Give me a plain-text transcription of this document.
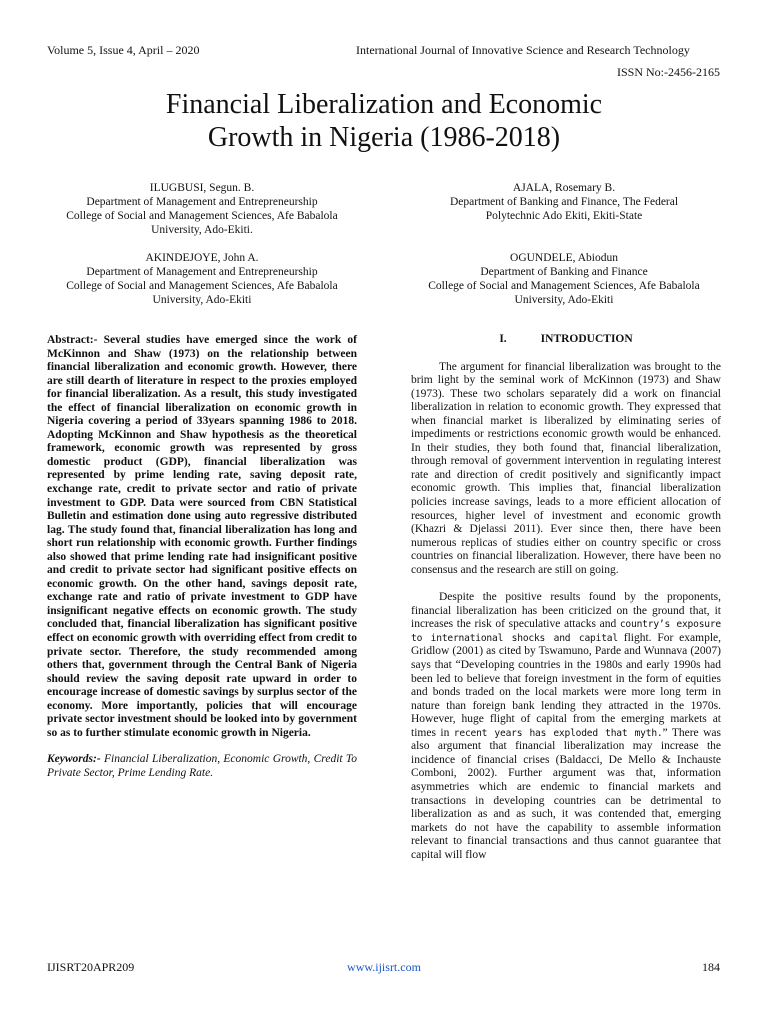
Volume 5, Issue 4, April – 2020	International Journal of Innovative Science and Research Technology
ISSN No:-2456-2165
Financial Liberalization and Economic
Growth in Nigeria (1986-2018)
ILUGBUSI, Segun. B.
Department of Management and Entrepreneurship
College of Social and Management Sciences, Afe Babalola
University, Ado-Ekiti.
AJALA, Rosemary B.
Department of Banking and Finance, The Federal
Polytechnic Ado Ekiti, Ekiti-State
AKINDEJOYE, John A.
Department of Management and Entrepreneurship
College of Social and Management Sciences, Afe Babalola
University, Ado-Ekiti
OGUNDELE, Abiodun
Department of Banking and Finance
College of Social and Management Sciences, Afe Babalola
University, Ado-Ekiti

Abstract:- Several studies have emerged since the work of McKinnon and Shaw (1973) on the relationship between financial liberalization and economic growth. However, there are still dearth of literature in respect to the proxies employed for financial liberalization. As a result, this study investigated the effect of financial liberalization on economic growth in Nigeria covering a period of 33years spanning 1986 to 2018. Adopting McKinnon and Shaw hypothesis as the theoretical framework, economic growth was represented by gross domestic product (GDP), financial liberalization was represented by prime lending rate, saving deposit rate, exchange rate, credit to private sector and ratio of private investment to GDP. Data were sourced from CBN Statistical Bulletin and estimation done using auto regressive distributed lag. The study found that, financial liberalization has long and short run relationship with economic growth. Further findings also showed that prime lending rate had insignificant positive and credit to private sector had significant positive effects on economic growth. On the other hand, savings deposit rate, exchange rate and ratio of private investment to GDP have insignificant negative effects on economic growth. The study concluded that, financial liberalization has significant positive effect on economic growth with overriding effect from credit to private sector. Therefore, the study recommended among others that, government through the Central Bank of Nigeria should review the saving deposit rate upward in order to encourage increase of domestic savings by surplus sector of the economy. More importantly, policies that will encourage private sector investment should be looked into by government so as to further stimulate economic growth in Nigeria.

Keywords:- Financial Liberalization, Economic Growth, Credit To Private Sector, Prime Lending Rate.

I.	INTRODUCTION

The argument for financial liberalization was brought to the brim light by the seminal work of McKinnon (1973) and Shaw (1973). These two scholars separately did a work on financial liberalization in relation to economic growth. They expressed that when financial market is liberalized by eliminating series of impediments or restrictions economic growth would be enhanced. In their studies, they both found that, financial liberalization, through removal of government intervention in regulating interest rate and direction of credit positively and significantly impact economic growth. This implies that, financial liberalization policies increase savings, leads to a more efficient allocation of resources, higher level of investment and economic growth (Khazri & Djelassi 2011). Ever since then, there have been numerous replicas of studies either on country specific or cross countries on financial liberalization. However, there have been no consensus and the research are still on going.

Despite the positive results found by the proponents, financial liberalization has been criticized on the ground that, it increases the risk of speculative attacks and country’s exposure to international shocks and capital flight. For example, Gridlow (2001) as cited by Tswamuno, Parde and Wunnava (2007) says that “Developing countries in the 1980s and early 1990s had been led to believe that foreign investment in the form of equities and bonds traded on the local markets were more long term in nature than foreign bank lending they attracted in the 1970s. However, huge flight of capital from the emerging markets at times in recent years has exploded that myth.” There was also argument that financial liberalization may increase the incidence of financial crises (Baldacci, De Mello & Inchauste Comboni, 2002). Further argument was that, information asymmetries which are endemic to financial markets and transactions in developing countries can be detrimental to liberalization as and as such, it was contended that, emerging markets do not have the capability to assemble information relevant to financial transactions and thus cannot guarantee that capital will flow

IJISRT20APR209	www.ijisrt.com	184
